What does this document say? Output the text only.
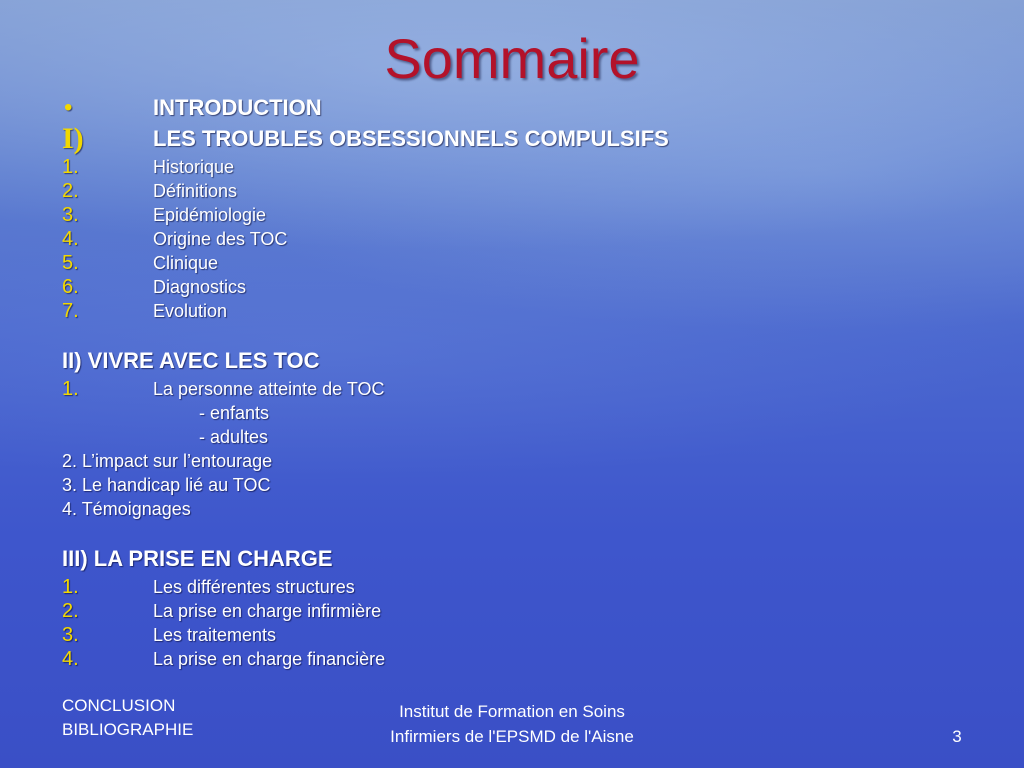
Sommaire
•	INTRODUCTION
I)	LES TROUBLES OBSESSIONNELS COMPULSIFS
1.	Historique
2.	Définitions
3.	Epidémiologie
4.	Origine des TOC
5.	Clinique
6.	Diagnostics
7.	Evolution
II) VIVRE AVEC LES TOC
1.	La personne atteinte de TOC
- enfants
- adultes
2. L’impact sur l’entourage
3. Le handicap lié au TOC
4. Témoignages
III) LA PRISE EN CHARGE
1.	Les différentes structures
2.	La prise en charge infirmière
3.	Les traitements
4.	La prise en charge financière
CONCLUSION
BIBLIOGRAPHIE
Institut de Formation en Soins
Infirmiers de l'EPSMD de l'Aisne	3
